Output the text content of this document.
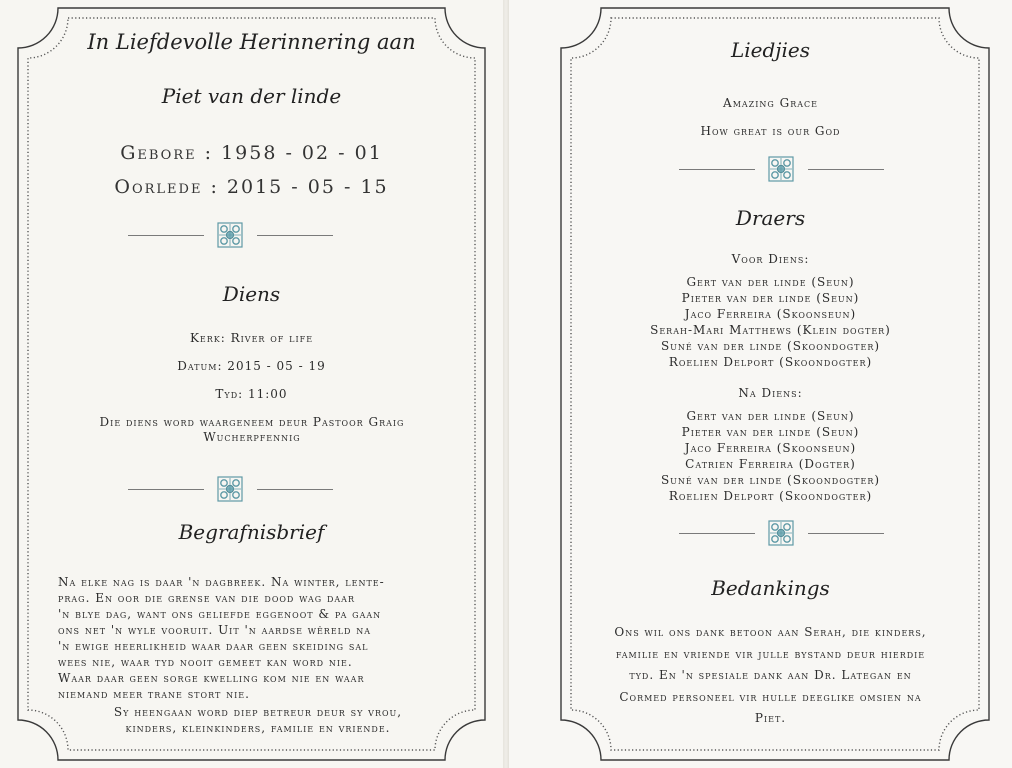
In Liefdevolle Herinnering aan
Piet van der linde
Gebore : 1958 - 02 - 01
Oorlede : 2015 - 05 - 15
Diens
Kerk: River of life
Datum: 2015 - 05 - 19
Tyd: 11:00
Die diens word waargeneem deur Pastoor Graig Wucherpfennig
Begrafnisbrief
Na elke nag is daar 'n dagbreek. Na winter, lente-
prag. En oor die grense van die dood wag daar
'n blye dag, want ons geliefde eggenoot & pa gaan
ons net 'n wyle vooruit. Uit 'n aardse wêreld na
'n ewige heerlikheid waar daar geen skeiding sal
wees nie, waar tyd nooit gemeet kan word nie.
Waar daar geen sorge kwelling kom nie en waar
niemand meer trane stort nie.
Sy heengaan word diep betreur deur sy vrou,
kinders, kleinkinders, familie en vriende.
Liedjies
Amazing Grace
How great is our God
Draers
Voor Diens:
Gert van der linde (Seun)
Pieter van der linde (Seun)
Jaco Ferreira (Skoonseun)
Serah-Mari Matthews (Klein dogter)
Suné van der linde (Skoondogter)
Roelien Delport (Skoondogter)
Na Diens:
Gert van der linde (Seun)
Pieter van der linde (Seun)
Jaco Ferreira (Skoonseun)
Catrien Ferreira (Dogter)
Suné van der linde (Skoondogter)
Roelien Delport (Skoondogter)
Bedankings
Ons wil ons dank betoon aan Serah, die kinders,
familie en vriende vir julle bystand deur hierdie
tyd. En 'n spesiale dank aan Dr. Lategan en
Cormed personeel vir hulle deeglike omsien na
Piet.
